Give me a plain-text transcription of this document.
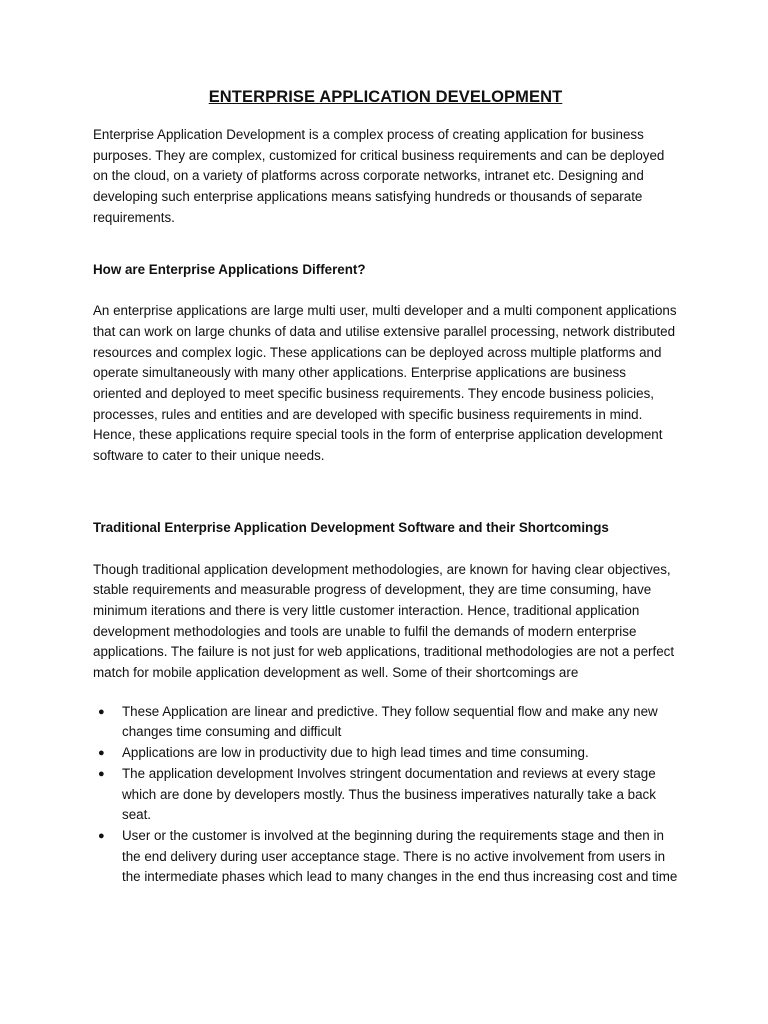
ENTERPRISE APPLICATION DEVELOPMENT

Enterprise Application Development is a complex process of creating application for business purposes. They are complex, customized for critical business requirements and can be deployed on the cloud, on a variety of platforms across corporate networks, intranet etc. Designing and developing such enterprise applications means satisfying hundreds or thousands of separate requirements.

How are Enterprise Applications Different?

An enterprise applications are large multi user, multi developer and a multi component applications that can work on large chunks of data and utilise extensive parallel processing, network distributed resources and complex logic. These applications can be deployed across multiple platforms and operate simultaneously with many other applications. Enterprise applications are business oriented and deployed to meet specific business requirements. They encode business policies, processes, rules and entities and are developed with specific business requirements in mind. Hence, these applications require special tools in the form of enterprise application development software to cater to their unique needs.

Traditional Enterprise Application Development Software and their Shortcomings

Though traditional application development methodologies, are known for having clear objectives, stable requirements and measurable progress of development, they are time consuming, have minimum iterations and there is very little customer interaction. Hence, traditional application development methodologies and tools are unable to fulfil the demands of modern enterprise applications. The failure is not just for web applications, traditional methodologies are not a perfect match for mobile application development as well. Some of their shortcomings are

● These Application are linear and predictive. They follow sequential flow and make any new changes time consuming and difficult
● Applications are low in productivity due to high lead times and time consuming.
● The application development Involves stringent documentation and reviews at every stage which are done by developers mostly. Thus the business imperatives naturally take a back seat.
● User or the customer is involved at the beginning during the requirements stage and then in the end delivery during user acceptance stage. There is no active involvement from users in the intermediate phases which lead to many changes in the end thus increasing cost and time
